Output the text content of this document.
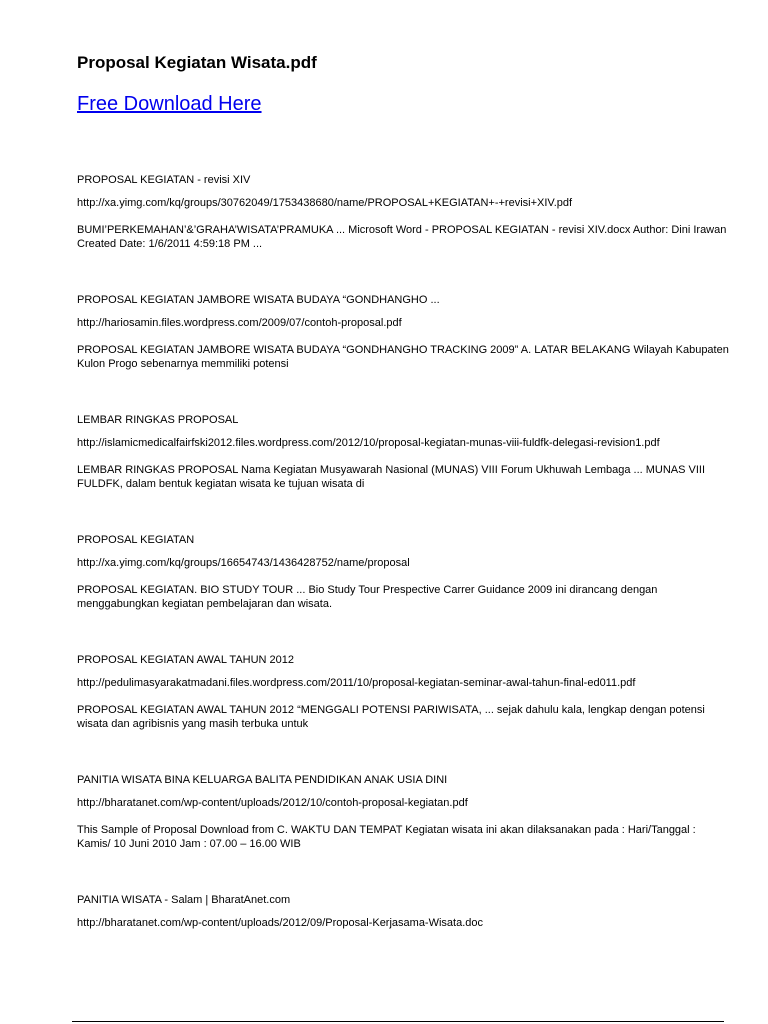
Proposal Kegiatan Wisata.pdf
Free Download Here
PROPOSAL KEGIATAN - revisi XIV
http://xa.yimg.com/kq/groups/30762049/1753438680/name/PROPOSAL+KEGIATAN+-+revisi+XIV.pdf
BUMI’PERKEMAHAN’&’GRAHA’WISATA’PRAMUKA ... Microsoft Word - PROPOSAL KEGIATAN - revisi XIV.docx Author: Dini Irawan Created Date: 1/6/2011 4:59:18 PM ...
PROPOSAL KEGIATAN JAMBORE WISATA BUDAYA “GONDHANGHO ...
http://hariosamin.files.wordpress.com/2009/07/contoh-proposal.pdf
PROPOSAL KEGIATAN JAMBORE WISATA BUDAYA “GONDHANGHO TRACKING 2009” A. LATAR BELAKANG Wilayah Kabupaten Kulon Progo sebenarnya memmiliki potensi
LEMBAR RINGKAS PROPOSAL
http://islamicmedicalfairfski2012.files.wordpress.com/2012/10/proposal-kegiatan-munas-viii-fuldfk-delegasi-revision1.pdf
LEMBAR RINGKAS PROPOSAL Nama Kegiatan Musyawarah Nasional (MUNAS) VIII Forum Ukhuwah Lembaga ... MUNAS VIII FULDFK, dalam bentuk kegiatan wisata ke tujuan wisata di
PROPOSAL KEGIATAN
http://xa.yimg.com/kq/groups/16654743/1436428752/name/proposal
PROPOSAL KEGIATAN. BIO STUDY TOUR ... Bio Study Tour Prespective Carrer Guidance 2009 ini dirancang dengan menggabungkan kegiatan pembelajaran dan wisata.
PROPOSAL KEGIATAN AWAL TAHUN 2012
http://pedulimasyarakatmadani.files.wordpress.com/2011/10/proposal-kegiatan-seminar-awal-tahun-final-ed011.pdf
PROPOSAL KEGIATAN AWAL TAHUN 2012 “MENGGALI POTENSI PARIWISATA, ... sejak dahulu kala, lengkap dengan potensi wisata dan agribisnis yang masih terbuka untuk
PANITIA WISATA BINA KELUARGA BALITA PENDIDIKAN ANAK USIA DINI
http://bharatanet.com/wp-content/uploads/2012/10/contoh-proposal-kegiatan.pdf
This Sample of Proposal Download from C. WAKTU DAN TEMPAT Kegiatan wisata ini akan dilaksanakan pada : Hari/Tanggal : Kamis/ 10 Juni 2010 Jam : 07.00 – 16.00 WIB
PANITIA WISATA - Salam | BharatAnet.com
http://bharatanet.com/wp-content/uploads/2012/09/Proposal-Kerjasama-Wisata.doc
